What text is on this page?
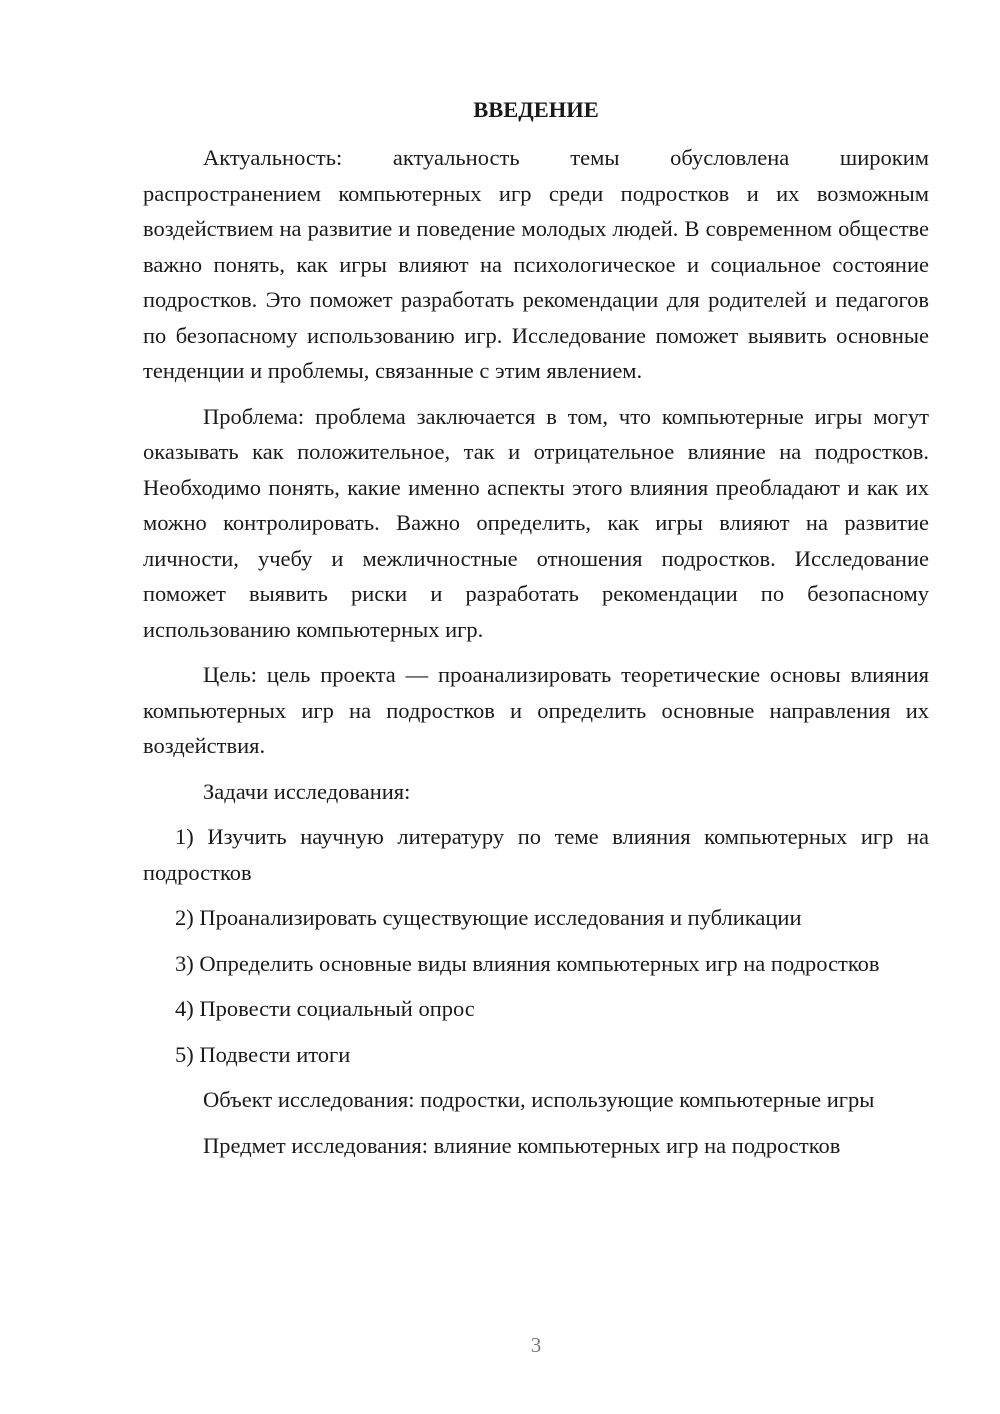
ВВЕДЕНИЕ

Актуальность: актуальность темы обусловлена широким распространением компьютерных игр среди подростков и их возможным воздействием на развитие и поведение молодых людей. В современном обществе важно понять, как игры влияют на психологическое и социальное состояние подростков. Это поможет разработать рекомендации для родителей и педагогов по безопасному использованию игр. Исследование поможет выявить основные тенденции и проблемы, связанные с этим явлением.

Проблема: проблема заключается в том, что компьютерные игры могут оказывать как положительное, так и отрицательное влияние на подростков. Необходимо понять, какие именно аспекты этого влияния преобладают и как их можно контролировать. Важно определить, как игры влияют на развитие личности, учебу и межличностные отношения подростков. Исследование поможет выявить риски и разработать рекомендации по безопасному использованию компьютерных игр.

Цель: цель проекта — проанализировать теоретические основы влияния компьютерных игр на подростков и определить основные направления их воздействия.

Задачи исследования:

1) Изучить научную литературу по теме влияния компьютерных игр на подростков

2) Проанализировать существующие исследования и публикации

3) Определить основные виды влияния компьютерных игр на подростков

4) Провести социальный опрос

5) Подвести итоги

Объект исследования: подростки, использующие компьютерные игры

Предмет исследования: влияние компьютерных игр на подростков

3
